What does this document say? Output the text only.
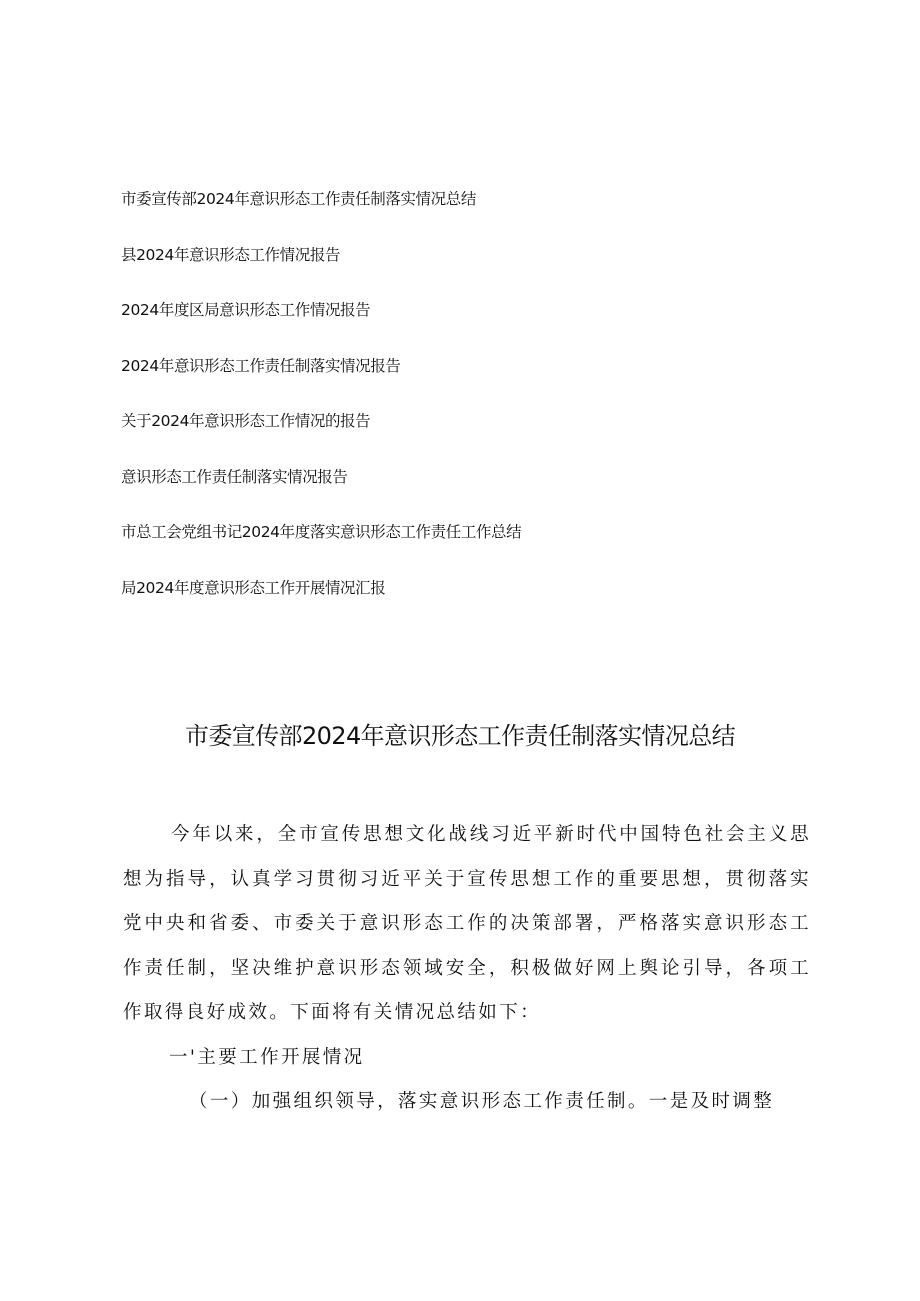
市委宣传部2024年意识形态工作责任制落实情况总结
县2024年意识形态工作情况报告
2024年度区局意识形态工作情况报告
2024年意识形态工作责任制落实情况报告
关于2024年意识形态工作情况的报告
意识形态工作责任制落实情况报告
市总工会党组书记2024年度落实意识形态工作责任工作总结
局2024年度意识形态工作开展情况汇报
市委宣传部2024年意识形态工作责任制落实情况总结

今年以来，全市宣传思想文化战线习近平新时代中国特色社会主义思想为指导，认真学习贯彻习近平关于宣传思想工作的重要思想，贯彻落实党中央和省委、市委关于意识形态工作的决策部署，严格落实意识形态工作责任制，坚决维护意识形态领域安全，积极做好网上舆论引导，各项工作取得良好成效。下面将有关情况总结如下：

一'主要工作开展情况

（一）加强组织领导，落实意识形态工作责任制。一是及时调整
